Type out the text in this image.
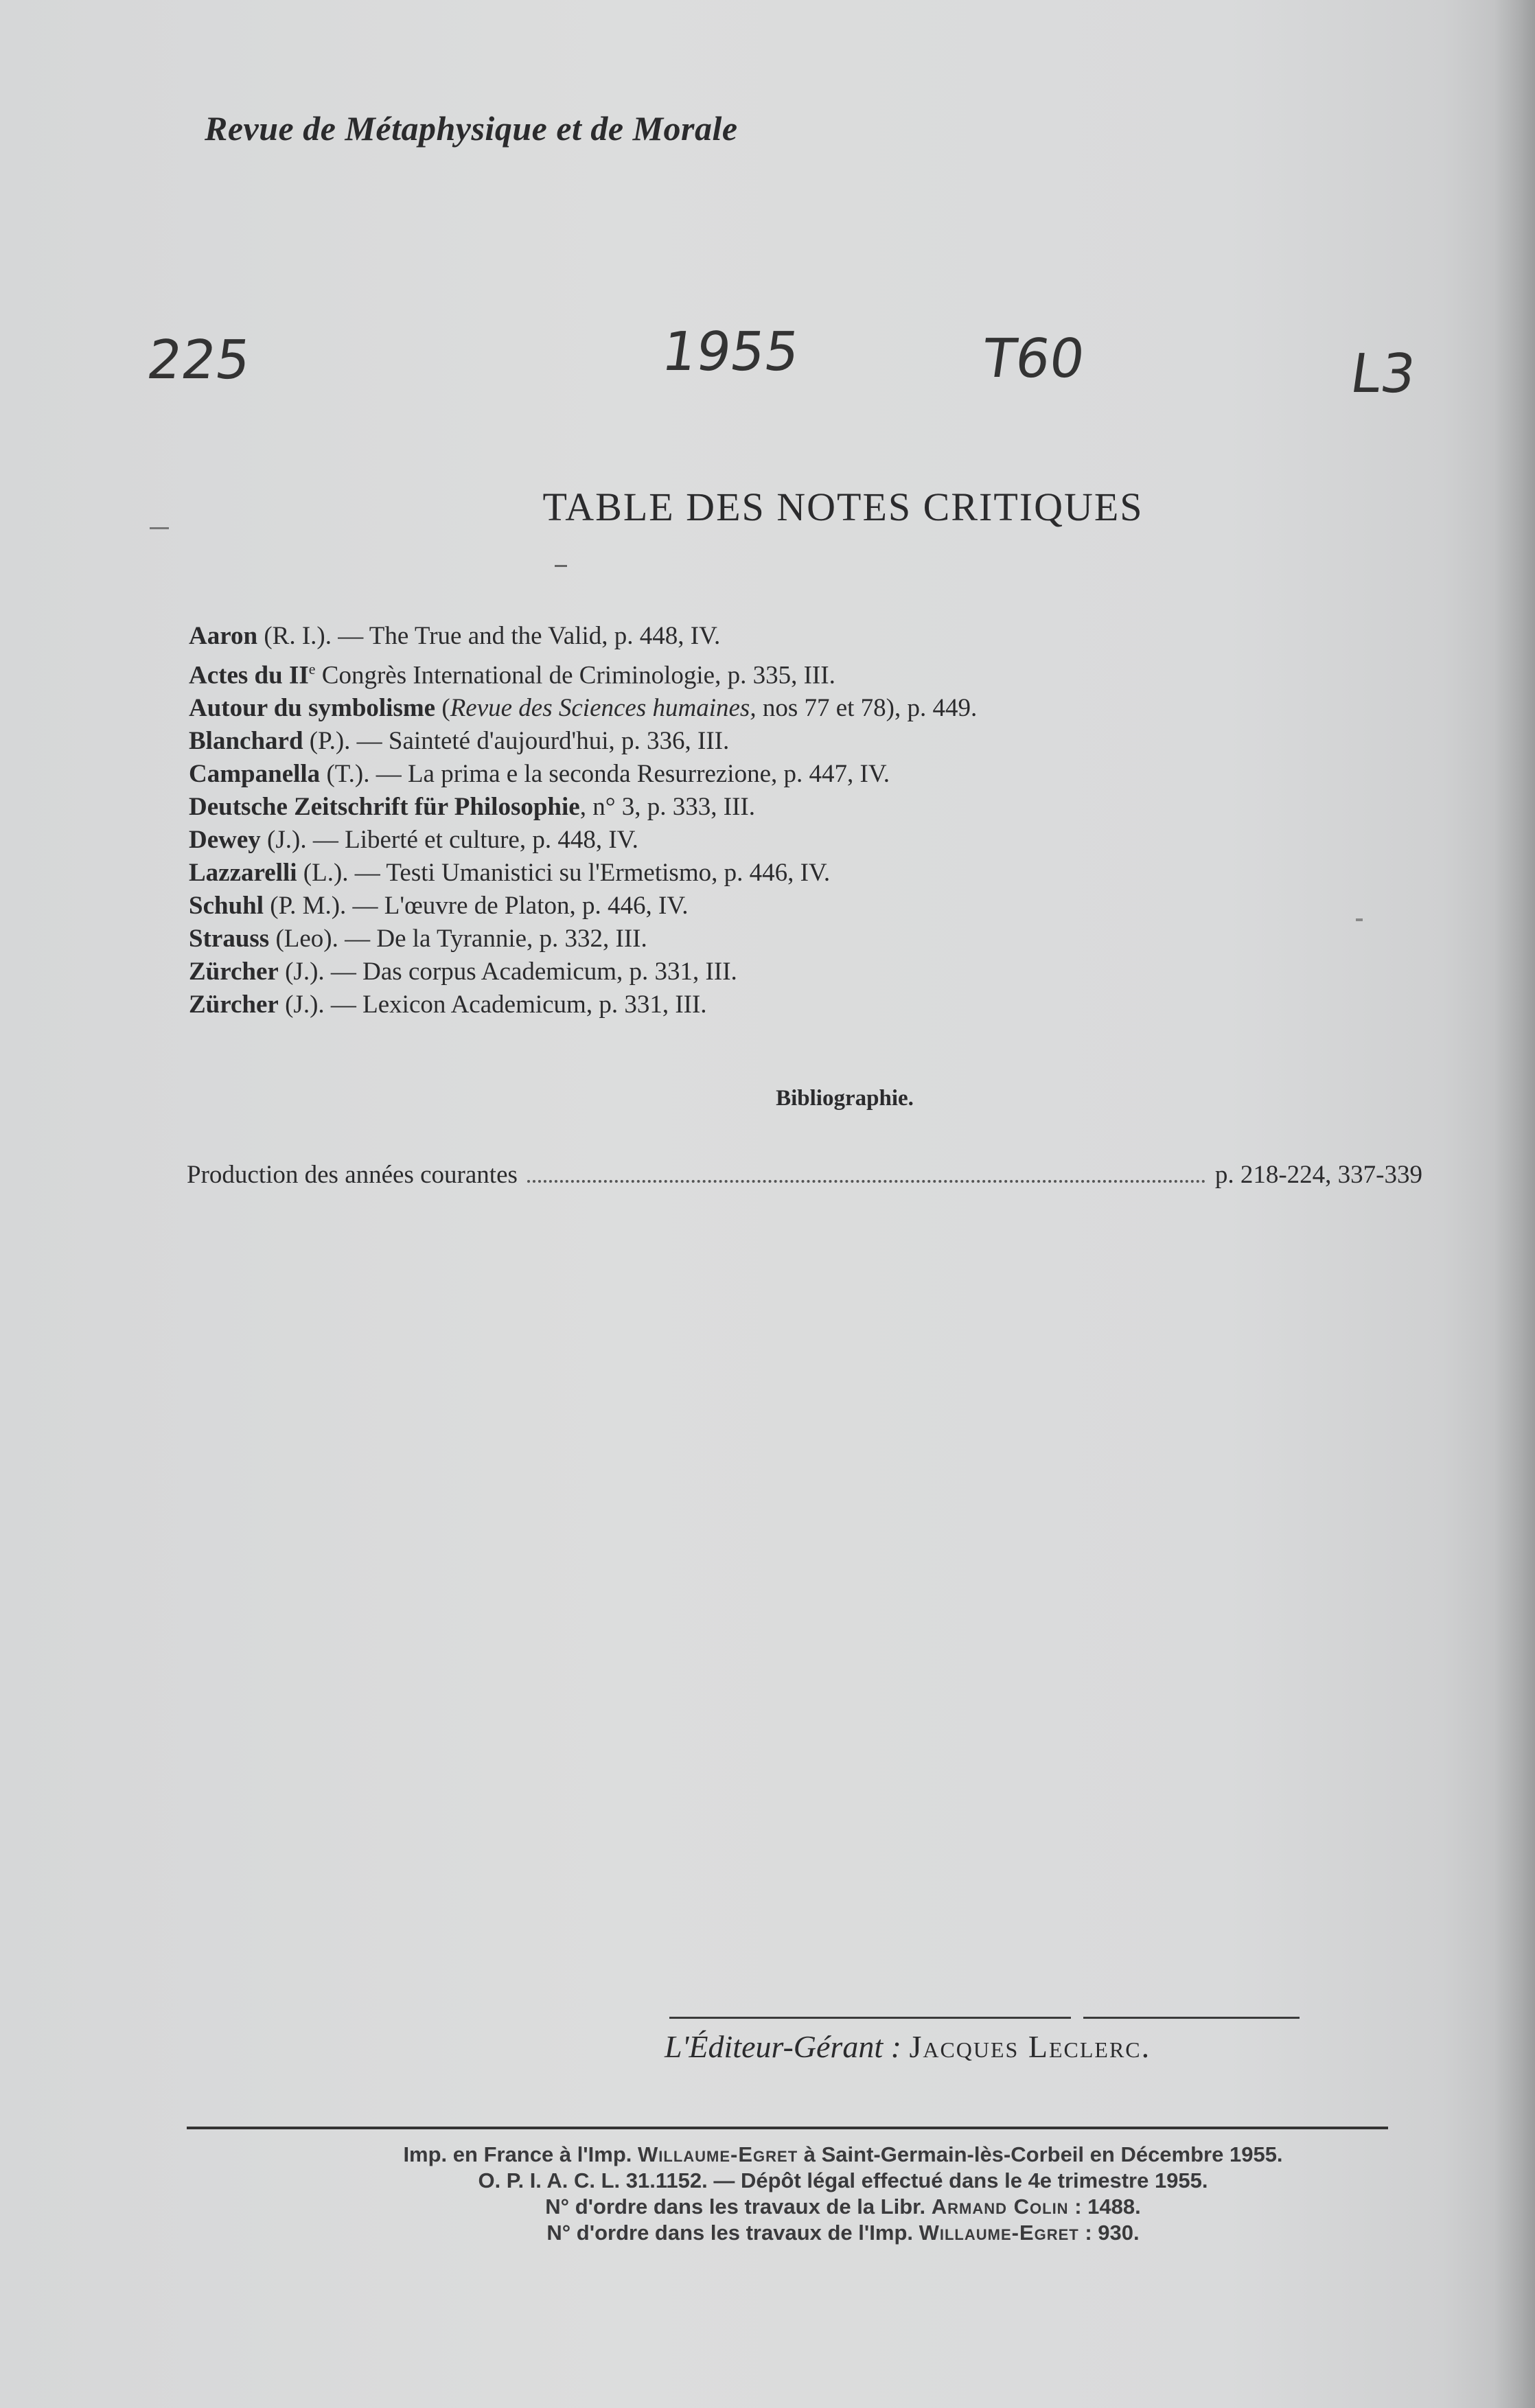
Revue de Métaphysique et de Morale
225	1955	T60	L3
TABLE DES NOTES CRITIQUES
Aaron (R. I.). — The True and the Valid, p. 448, IV.
Actes du IIe Congrès International de Criminologie, p. 335, III.
Autour du symbolisme (Revue des Sciences humaines, nos 77 et 78), p. 449.
Blanchard (P.). — Sainteté d'aujourd'hui, p. 336, III.
Campanella (T.). — La prima e la seconda Resurrezione, p. 447, IV.
Deutsche Zeitschrift für Philosophie, n° 3, p. 333, III.
Dewey (J.). — Liberté et culture, p. 448, IV.
Lazzarelli (L.). — Testi Umanistici su l'Ermetismo, p. 446, IV.
Schuhl (P. M.). — L'œuvre de Platon, p. 446, IV.
Strauss (Leo). — De la Tyrannie, p. 332, III.
Zürcher (J.). — Das corpus Academicum, p. 331, III.
Zürcher (J.). — Lexicon Academicum, p. 331, III.
Bibliographie.
Production des années courantes	p. 218-224, 337-339
L'Éditeur-Gérant : Jacques Leclerc.
Imp. en France à l'Imp. Willaume-Egret à Saint-Germain-lès-Corbeil en Décembre 1955.
O. P. I. A. C. L. 31.1152. — Dépôt légal effectué dans le 4e trimestre 1955.
N° d'ordre dans les travaux de la Libr. Armand Colin : 1488.
N° d'ordre dans les travaux de l'Imp. Willaume-Egret : 930.
